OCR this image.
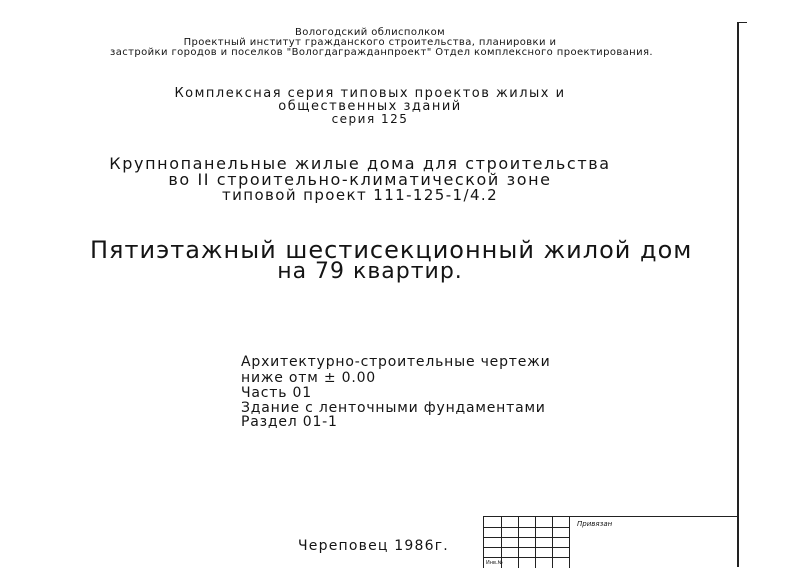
Вологодский облисполком
Проектный институт гражданского строительства, планировки и
застройки городов и поселков "Вологдагражданпроект" Отдел комплексного проектирования.
Комплексная серия типовых проектов жилых и
общественных зданий
серия 125
Крупнопанельные жилые дома для строительства
во II строительно-климатической зоне
типовой проект 111-125-1/4.2
Пятиэтажный шестисекционный жилой дом
на 79 квартир.
Архитектурно-строительные чертежи
ниже отм ± 0.00
Часть 01
Здание с ленточными фундаментами
Раздел 01-1
Череповец 1986г.
Привязан
Инв.№
